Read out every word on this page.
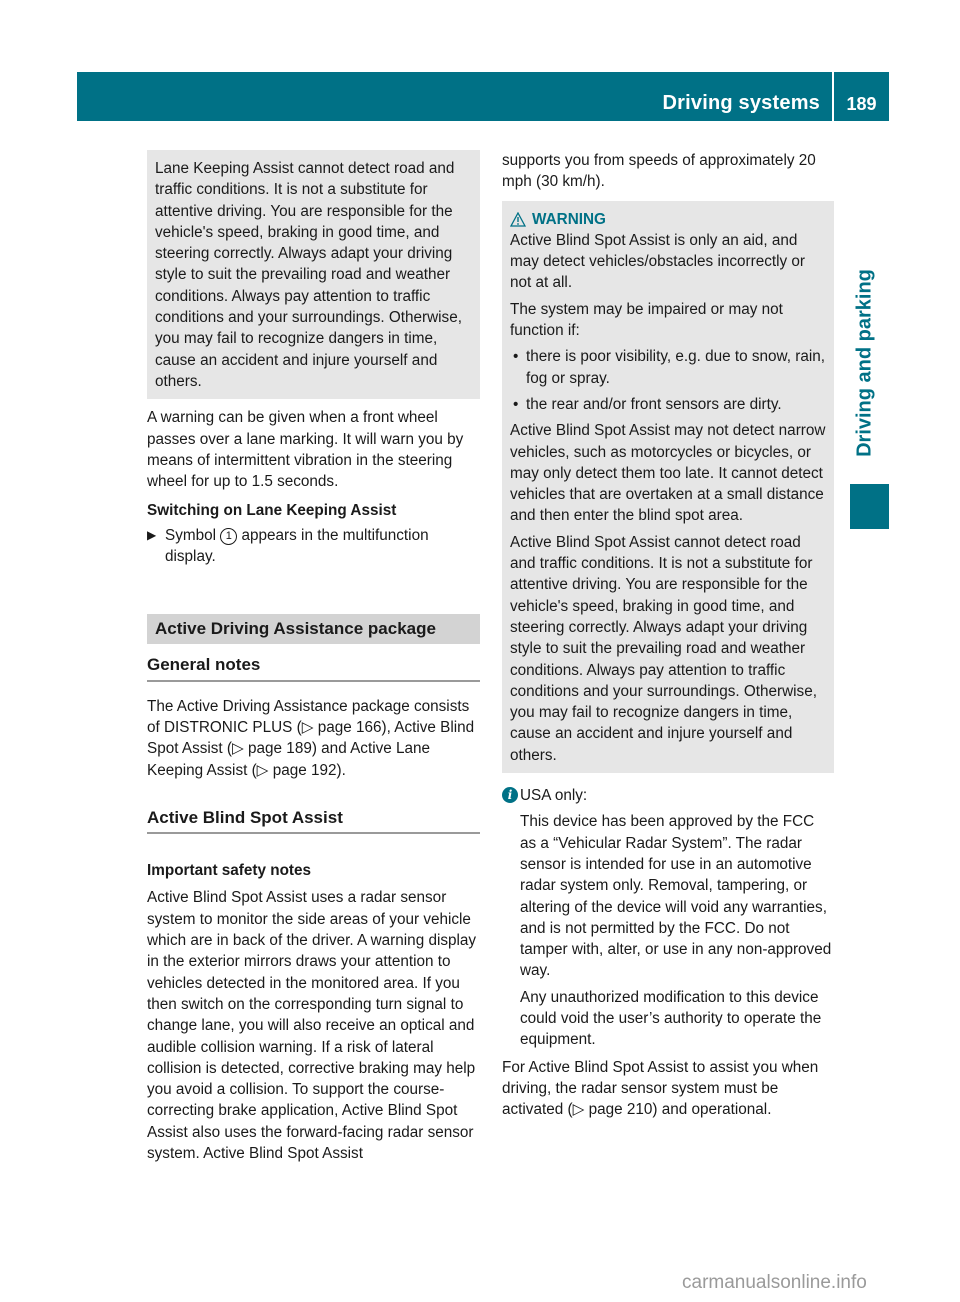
Driving systems	189
Driving and parking

Lane Keeping Assist cannot detect road and traffic conditions. It is not a substitute for attentive driving. You are responsible for the vehicle's speed, braking in good time, and steering correctly. Always adapt your driving style to suit the prevailing road and weather conditions. Always pay attention to traffic conditions and your surroundings. Otherwise, you may fail to recognize dangers in time, cause an accident and injure yourself and others.

A warning can be given when a front wheel passes over a lane marking. It will warn you by means of intermittent vibration in the steering wheel for up to 1.5 seconds.

Switching on Lane Keeping Assist

▶ Symbol 1 appears in the multifunction display.
Active Driving Assistance package
General notes

The Active Driving Assistance package consists of DISTRONIC PLUS (▷ page 166), Active Blind Spot Assist (▷ page 189) and Active Lane Keeping Assist (▷ page 192).

Active Blind Spot Assist

Important safety notes

Active Blind Spot Assist uses a radar sensor system to monitor the side areas of your vehicle which are in back of the driver. A warning display in the exterior mirrors draws your attention to vehicles detected in the monitored area. If you then switch on the corresponding turn signal to change lane, you will also receive an optical and audible collision warning. If a risk of lateral collision is detected, corrective braking may help you avoid a collision. To support the course-correcting brake application, Active Blind Spot Assist also uses the forward-facing radar sensor system. Active Blind Spot Assist

supports you from speeds of approximately 20 mph (30 km/h).

WARNING

Active Blind Spot Assist is only an aid, and may detect vehicles/obstacles incorrectly or not at all.

The system may be impaired or may not function if:

• there is poor visibility, e.g. due to snow, rain, fog or spray.

• the rear and/or front sensors are dirty.

Active Blind Spot Assist may not detect narrow vehicles, such as motorcycles or bicycles, or may only detect them too late. It cannot detect vehicles that are overtaken at a small distance and then enter the blind spot area.

Active Blind Spot Assist cannot detect road and traffic conditions. It is not a substitute for attentive driving. You are responsible for the vehicle's speed, braking in good time, and steering correctly. Always adapt your driving style to suit the prevailing road and weather conditions. Always pay attention to traffic conditions and your surroundings. Otherwise, you may fail to recognize dangers in time, cause an accident and injure yourself and others.

i USA only:

This device has been approved by the FCC as a “Vehicular Radar System”. The radar sensor is intended for use in an automotive radar system only. Removal, tampering, or altering of the device will void any warranties, and is not permitted by the FCC. Do not tamper with, alter, or use in any non-approved way.

Any unauthorized modification to this device could void the user’s authority to operate the equipment.

For Active Blind Spot Assist to assist you when driving, the radar sensor system must be activated (▷ page 210) and operational.

carmanualsonline.info
